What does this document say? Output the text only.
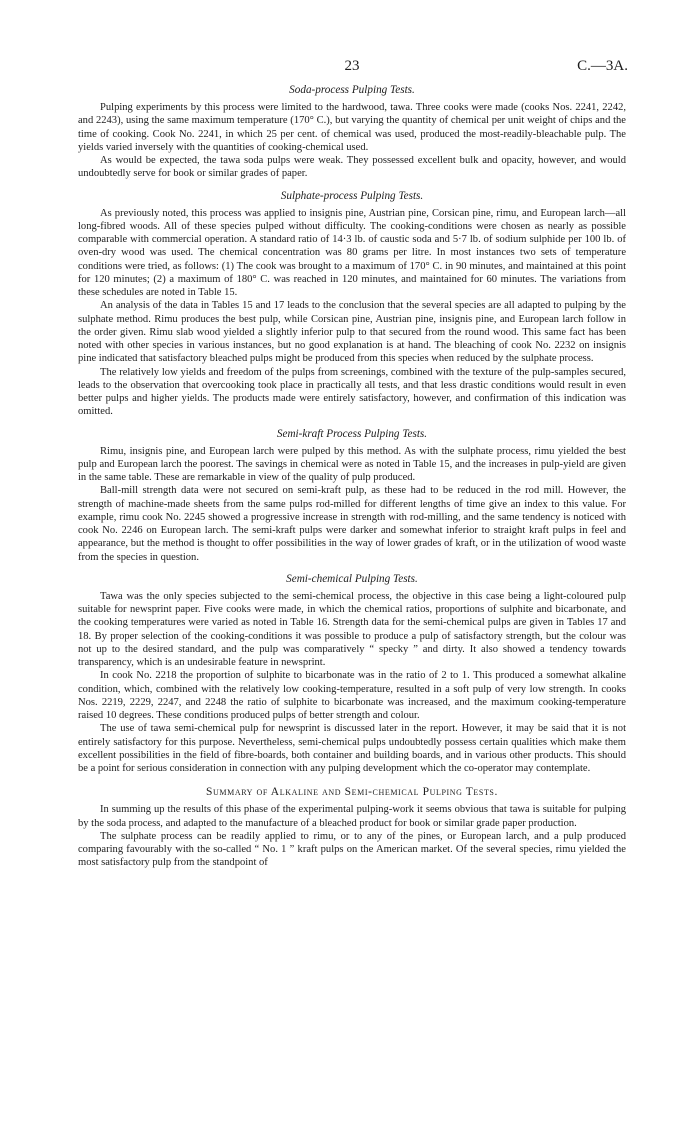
23	C.—3A.
Soda-process Pulping Tests.

Pulping experiments by this process were limited to the hardwood, tawa. Three cooks were made (cooks Nos. 2241, 2242, and 2243), using the same maximum temperature (170° C.), but varying the quantity of chemical per unit weight of chips and the time of cooking. Cook No. 2241, in which 25 per cent. of chemical was used, produced the most-readily-bleachable pulp. The yields varied inversely with the quantities of cooking-chemical used.

As would be expected, the tawa soda pulps were weak. They possessed excellent bulk and opacity, however, and would undoubtedly serve for book or similar grades of paper.

Sulphate-process Pulping Tests.

As previously noted, this process was applied to insignis pine, Austrian pine, Corsican pine, rimu, and European larch—all long-fibred woods. All of these species pulped without difficulty. The cooking-conditions were chosen as nearly as possible comparable with commercial operation. A standard ratio of 14·3 lb. of caustic soda and 5·7 lb. of sodium sulphide per 100 lb. of oven-dry wood was used. The chemical concentration was 80 grams per litre. In most instances two sets of temperature conditions were tried, as follows: (1) The cook was brought to a maximum of 170° C. in 90 minutes, and maintained at this point for 120 minutes; (2) a maximum of 180° C. was reached in 120 minutes, and maintained for 60 minutes. The variations from these schedules are noted in Table 15.

An analysis of the data in Tables 15 and 17 leads to the conclusion that the several species are all adapted to pulping by the sulphate method. Rimu produces the best pulp, while Corsican pine, Austrian pine, insignis pine, and European larch follow in the order given. Rimu slab wood yielded a slightly inferior pulp to that secured from the round wood. This same fact has been noted with other species in various instances, but no good explanation is at hand. The bleaching of cook No. 2232 on insignis pine indicated that satisfactory bleached pulps might be produced from this species when reduced by the sulphate process.

The relatively low yields and freedom of the pulps from screenings, combined with the texture of the pulp-samples secured, leads to the observation that overcooking took place in practically all tests, and that less drastic conditions would result in even better pulps and higher yields. The products made were entirely satisfactory, however, and confirmation of this indication was omitted.

Semi-kraft Process Pulping Tests.

Rimu, insignis pine, and European larch were pulped by this method. As with the sulphate process, rimu yielded the best pulp and European larch the poorest. The savings in chemical were as noted in Table 15, and the increases in pulp-yield are given in the same table. These are remarkable in view of the quality of pulp produced.

Ball-mill strength data were not secured on semi-kraft pulp, as these had to be reduced in the rod mill. However, the strength of machine-made sheets from the same pulps rod-milled for different lengths of time give an index to this value. For example, rimu cook No. 2245 showed a progressive increase in strength with rod-milling, and the same tendency is noticed with cook No. 2246 on European larch. The semi-kraft pulps were darker and somewhat inferior to straight kraft pulps in feel and appearance, but the method is thought to offer possibilities in the way of lower grades of kraft, or in the utilization of wood waste from the species in question.

Semi-chemical Pulping Tests.

Tawa was the only species subjected to the semi-chemical process, the objective in this case being a light-coloured pulp suitable for newsprint paper. Five cooks were made, in which the chemical ratios, proportions of sulphite and bicarbonate, and the cooking temperatures were varied as noted in Table 16. Strength data for the semi-chemical pulps are given in Tables 17 and 18. By proper selection of the cooking-conditions it was possible to produce a pulp of satisfactory strength, but the colour was not up to the desired standard, and the pulp was comparatively “ specky ” and dirty. It also showed a tendency towards transparency, which is an undesirable feature in newsprint.

In cook No. 2218 the proportion of sulphite to bicarbonate was in the ratio of 2 to 1. This produced a somewhat alkaline condition, which, combined with the relatively low cooking-temperature, resulted in a soft pulp of very low strength. In cooks Nos. 2219, 2229, 2247, and 2248 the ratio of sulphite to bicarbonate was increased, and the maximum cooking-temperature raised 10 degrees. These conditions produced pulps of better strength and colour.

The use of tawa semi-chemical pulp for newsprint is discussed later in the report. However, it may be said that it is not entirely satisfactory for this purpose. Nevertheless, semi-chemical pulps undoubtedly possess certain qualities which make them excellent possibilities in the field of fibre-boards, both container and building boards, and in various other products. This should be a point for serious consideration in connection with any pulping development which the co-operator may contemplate.

Summary of Alkaline and Semi-chemical Pulping Tests.

In summing up the results of this phase of the experimental pulping-work it seems obvious that tawa is suitable for pulping by the soda process, and adapted to the manufacture of a bleached product for book or similar grade paper production.

The sulphate process can be readily applied to rimu, or to any of the pines, or European larch, and a pulp produced comparing favourably with the so-called “ No. 1 ” kraft pulps on the American market. Of the several species, rimu yielded the most satisfactory pulp from the standpoint of
